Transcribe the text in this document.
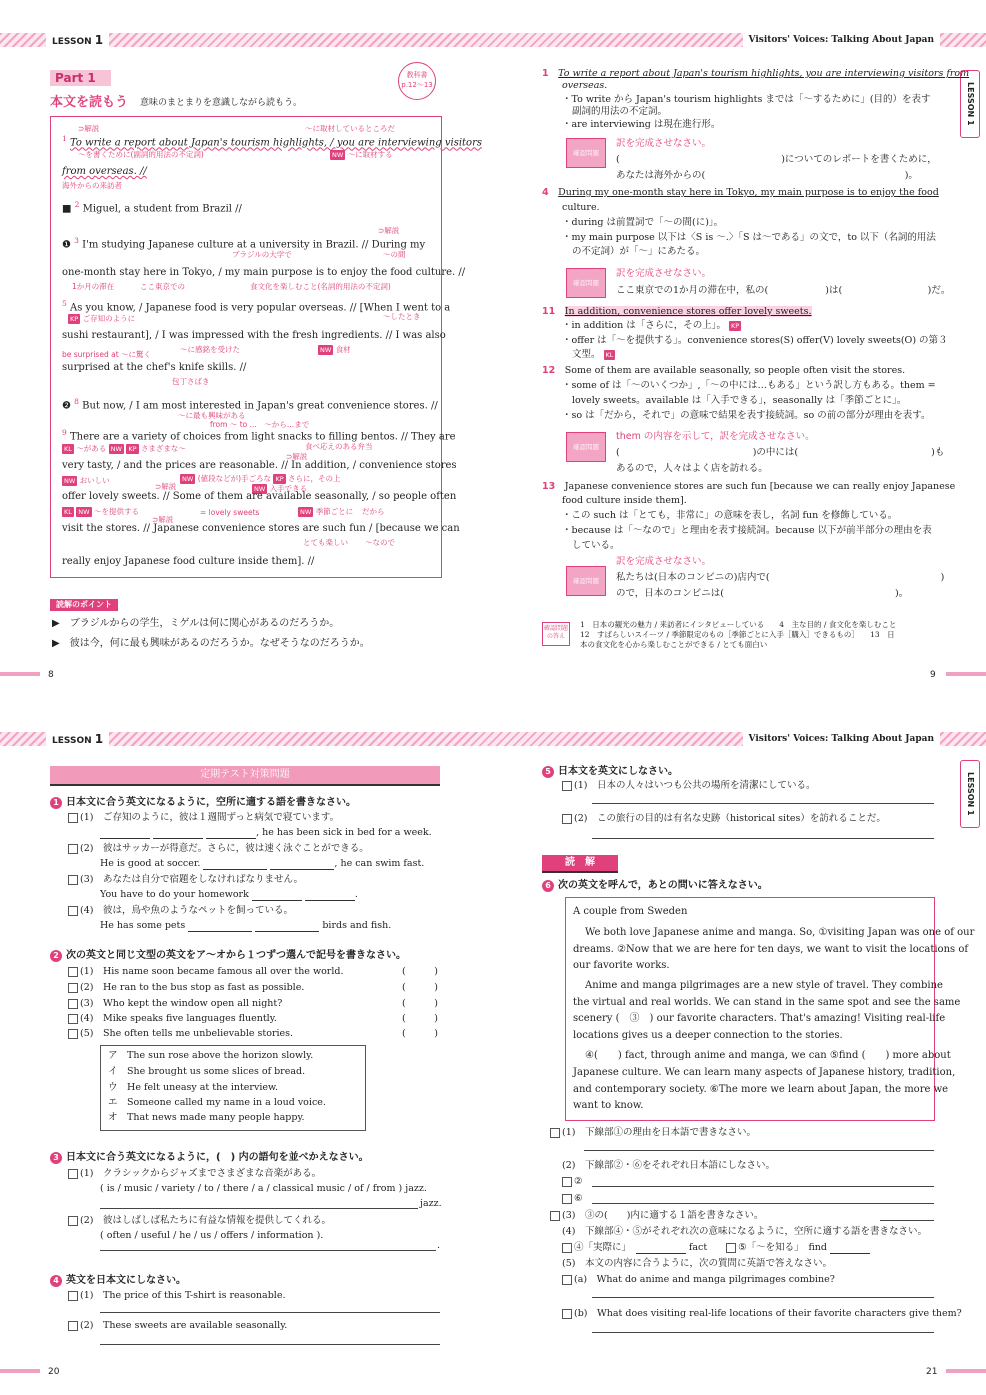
LESSON 1	Visitors' Voices: Talking About Japan
LESSON 1	Visitors' Voices: Talking About Japan
LESSON 1
LESSON 1
Part 1	教科書
p.12～13
本文を読もう 意味のまとまりを意識しながら読もう。
～に取材しているところだ
⊃解説
$^1$ To write a report about Japan's tourism highlights, / you are interviewing visitors
～を書くために(副詞的用法の不定詞)	NW ～に取材する
from overseas. //
海外からの来訪者
■ $^2$ Miguel, a student from Brazil //
⊃解説
❶ $^3$ I'm studying Japanese culture at a university in Brazil. // During my
ブラジルの大学で	～の間
one-month stay here in Tokyo, / my main purpose is to enjoy the food culture. //
1か月の滞在	ここ東京での	食文化を楽しむこと(名詞的用法の不定詞)
$^5$ As you know, / Japanese food is very popular overseas. // [When I went to a
KP ご存知のように	～したとき
sushi restaurant], / I was impressed with the fresh ingredients. // I was also
be surprised at ～に驚く
～に感銘を受けた	NW 食材
surprised at the chef's knife skills. //
包丁さばき
❷ $^8$ But now, / I am most interested in Japan's great convenience stores. //
～に最も興味がある
from ～ to ...　～から…まで
$^9$ There are a variety of choices from light snacks to filling bentos. // They are
食べ応えのある弁当
KL ～がある NW KP さまざまな～
⊃解説
very tasty, / and the prices are reasonable. // In addition, / convenience stores
NW おいしい	NW (値段などが)手ごろな KP さらに，その上
NW 入手できる
⊃解説
offer lovely sweets. // Some of them are available seasonally, / so people often
KL NW ～を提供する	= lovely sweets	NW 季節ごとに だから
⊃解説
visit the stores. // Japanese convenience stores are such fun / [because we can
とても楽しい ～なので
really enjoy Japanese food culture inside them]. //
読解のポイント
▶　ブラジルからの学生，ミゲルは何に関心があるのだろうか。
▶　彼は今，何に最も興味があるのだろうか。なぜそうなのだろうか。
8
1　 To write a report about Japan's tourism highlights, you are interviewing visitors from
overseas.
・To write から Japan's tourism highlights までは「～するために」(目的）を表す
副詞的用法の不定詞。
・are interviewing は現在進行形。
確認問題
訳を完成させなさい。
(　　　　　　　　　　　　　　　　　)についてのレポートを書くために，
あなたは海外からの(　　　　　　　　　　　　　　　　　　　　　)。
4　 During my one-month stay here in Tokyo, my main purpose is to enjoy the food
culture.
・during は前置詞で「～の間(に)」。
・my main purpose 以下は〈S is ～.〉「S は～である」の文で，to 以下（名詞的用法
の不定詞）が「～」にあたる。
確認問題
訳を完成させなさい。
ここ東京での1か月の滞在中，私の(　　　　　　)は(　　　　　　　　　)だ。
11　 In addition, convenience stores offer lovely sweets.
・in addition は「さらに，その上」。 KP
・offer は「～を提供する」。convenience stores(S) offer(V) lovely sweets(O) の第３
文型。 KL
12　 Some of them are available seasonally, so people often visit the stores.
・some of は「～のいくつか」,「～の中には…もある」という訳し方もある。them =
lovely sweets。available は「入手できる」，seasonally は「季節ごとに」。
・so は「だから，それで」の意味で結果を表す接続詞。so の前の部分が理由を表す。
確認問題
them の内容を示して，訳を完成させなさい。
(　　　　　　　　　　　　　　)の中には(　　　　　　　　　　　　　　)も
あるので，人々はよく店を訪れる。
13　 Japanese convenience stores are such fun [because we can really enjoy Japanese
food culture inside them].
・この such は「とても，非常に」の意味を表し，名詞 fun を修飾している。
・because は「～なので」と理由を表す接続詞。because 以下が前半部分の理由を表
している。
確認問題
訳を完成させなさい。
私たちは(日本のコンビニの)店内で(　　　　　　　　　　　　　　　　　　)
ので，日本のコンビニは(　　　　　　　　　　　　　　　　　　)。
確認問題の答え
1　日本の観光の魅力 / 来訪者にインタビューしている　　4　主な目的 / 食文化を楽しむこと
12　すばらしいスイーツ / 季節限定のもの［季節ごとに入手［購入］できるもの］　　13　日
本の食文化を心から楽しむことができる / とても面白い
9
定期テスト対策問題
1 日本文に合う英文になるように，空所に適する語を書きなさい。
(1)　 ご存知のように，彼は１週間ずっと病気で寝ています。
, he has been sick in bed for a week.
(2)　 彼はサッカーが得意だ。さらに，彼は速く泳ぐことができる。
He is good at soccer.	, he can swim fast.
(3)　 あなたは自分で宿題をしなければなりません。
You have to do your homework	.
(4)　 彼は，鳥や魚のようなペットを飼っている。
He has some pets	birds and fish.
2 次の英文と同じ文型の英文をア～オから１つずつ選んで記号を書きなさい。
(1)　 His name soon became famous all over the world.
(2)　 He ran to the bus stop as fast as possible.
(3)　 Who kept the window open all night?
(4)　 Mike speaks five languages fluently.
(5)　 She often tells me unbelievable stories.
(　　　)
(　　　)
(　　　)
(　　　)
(　　　)
ア　 The sun rose above the horizon slowly.
イ　 She brought us some slices of bread.
ウ　 He felt uneasy at the interview.
エ　 Someone called my name in a loud voice.
オ　 That news made many people happy.
3 日本文に合う英文になるように，(　) 内の語句を並べかえなさい。
(1)　 クラシックからジャズまでさまざまな音楽がある。
( is / music / variety / to / there / a / classical music / of / from ) jazz.
jazz.
(2)　 彼はしばしば私たちに有益な情報を提供してくれる。
( often / useful / he / us / offers / information ).
.
4 英文を日本文にしなさい。
(1)　 The price of this T-shirt is reasonable.
(2)　 These sweets are available seasonally.
20
5 日本文を英文にしなさい。
(1)　 日本の人々はいつも公共の場所を清潔にしている。
(2)　 この旅行の目的は有名な史跡（historical sites）を訪れることだ。
読　解
6 次の英文を呼んで，あとの問いに答えなさい。
A couple from Sweden
We both love Japanese anime and manga. So, ①visiting Japan was one of our
dreams. ②Now that we are here for ten days, we want to visit the locations of
our favorite works.
Anime and manga pilgrimages are a new style of travel. They combine
the virtual and real worlds. We can stand in the same spot and see the same
scenery (　③　) our favorite characters. That's amazing! Visiting real-life
locations gives us a deeper connection to the stories.
④(　　) fact, through anime and manga, we can ⑤find (　　) more about
Japanese culture. We can learn many aspects of Japanese history, tradition,
and contemporary society. ⑥The more we learn about Japan, the more we
want to know.
(1)　 下線部①の理由を日本語で書きなさい。
(2)　 下線部②・⑥をそれぞれ日本語にしなさい。
②
⑥
(3)　 ③の(　　)内に適する１語を書きなさい。
(4)　 下線部④・⑤がそれぞれ次の意味になるように，空所に適する語を書きなさい。
④「実際に」　	fact　　	⑤「～を知る」　 find
(5)　 本文の内容に合うように，次の質問に英語で答えなさい。
(a)　 What do anime and manga pilgrimages combine?
(b)　 What does visiting real-life locations of their favorite characters give them?
21
